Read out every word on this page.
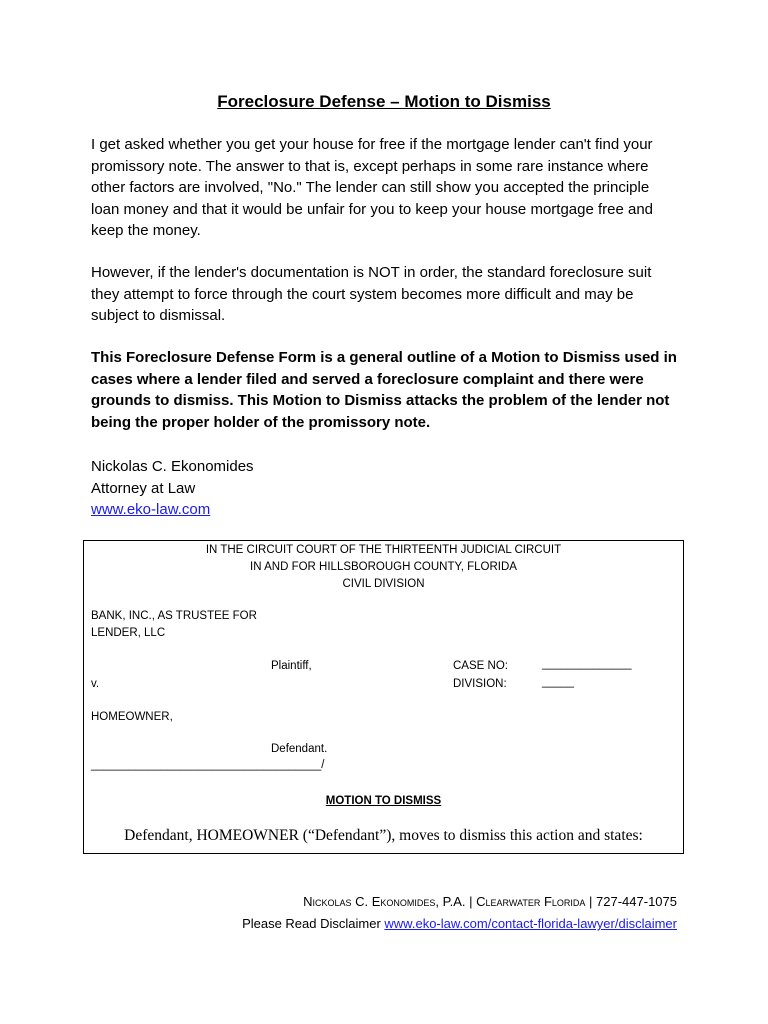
Foreclosure Defense – Motion to Dismiss
I get asked whether you get your house for free if the mortgage lender can't find your promissory note. The answer to that is, except perhaps in some rare instance where other factors are involved, "No." The lender can still show you accepted the principle loan money and that it would be unfair for you to keep your house mortgage free and keep the money.
However, if the lender's documentation is NOT in order, the standard foreclosure suit they attempt to force through the court system becomes more difficult and may be subject to dismissal.
This Foreclosure Defense Form is a general outline of a Motion to Dismiss used in cases where a lender filed and served a foreclosure complaint and there were grounds to dismiss. This Motion to Dismiss attacks the problem of the lender not being the proper holder of the promissory note.
Nickolas C. Ekonomides
Attorney at Law
www.eko-law.com
IN THE CIRCUIT COURT OF THE THIRTEENTH JUDICIAL CIRCUIT
IN AND FOR HILLSBOROUGH COUNTY, FLORIDA
CIVIL DIVISION
BANK, INC., AS TRUSTEE FOR
LENDER, LLC
Plaintiff,	CASE NO:	______________
v.	DIVISION:	_____
HOMEOWNER,
Defendant.
____________________________________/
MOTION TO DISMISS
Defendant, HOMEOWNER (“Defendant”), moves to dismiss this action and states:
Nickolas C. Ekonomides, P.A. | Clearwater Florida | 727-447-1075
Please Read Disclaimer www.eko-law.com/contact-florida-lawyer/disclaimer
